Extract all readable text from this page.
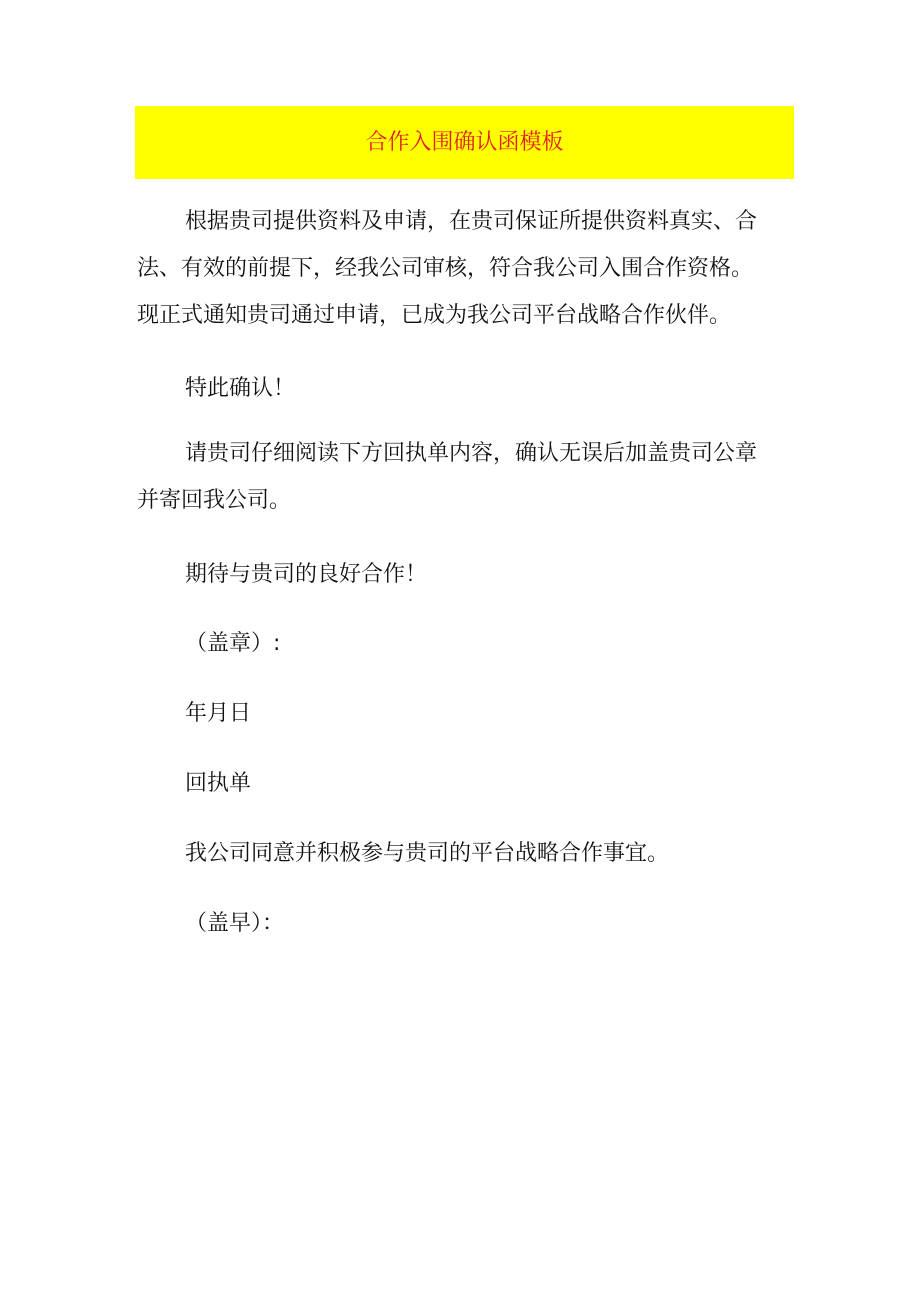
合作入围确认函模板
根据贵司提供资料及申请，在贵司保证所提供资料真实、合
法、有效的前提下，经我公司审核，符合我公司入围合作资格。
现正式通知贵司通过申请，已成为我公司平台战略合作伙伴。
特此确认！
请贵司仔细阅读下方回执单内容，确认无误后加盖贵司公章
并寄回我公司。
期待与贵司的良好合作！
（盖章）:
年月日
回执单
我公司同意并积极参与贵司的平台战略合作事宜。
（盖早）：
